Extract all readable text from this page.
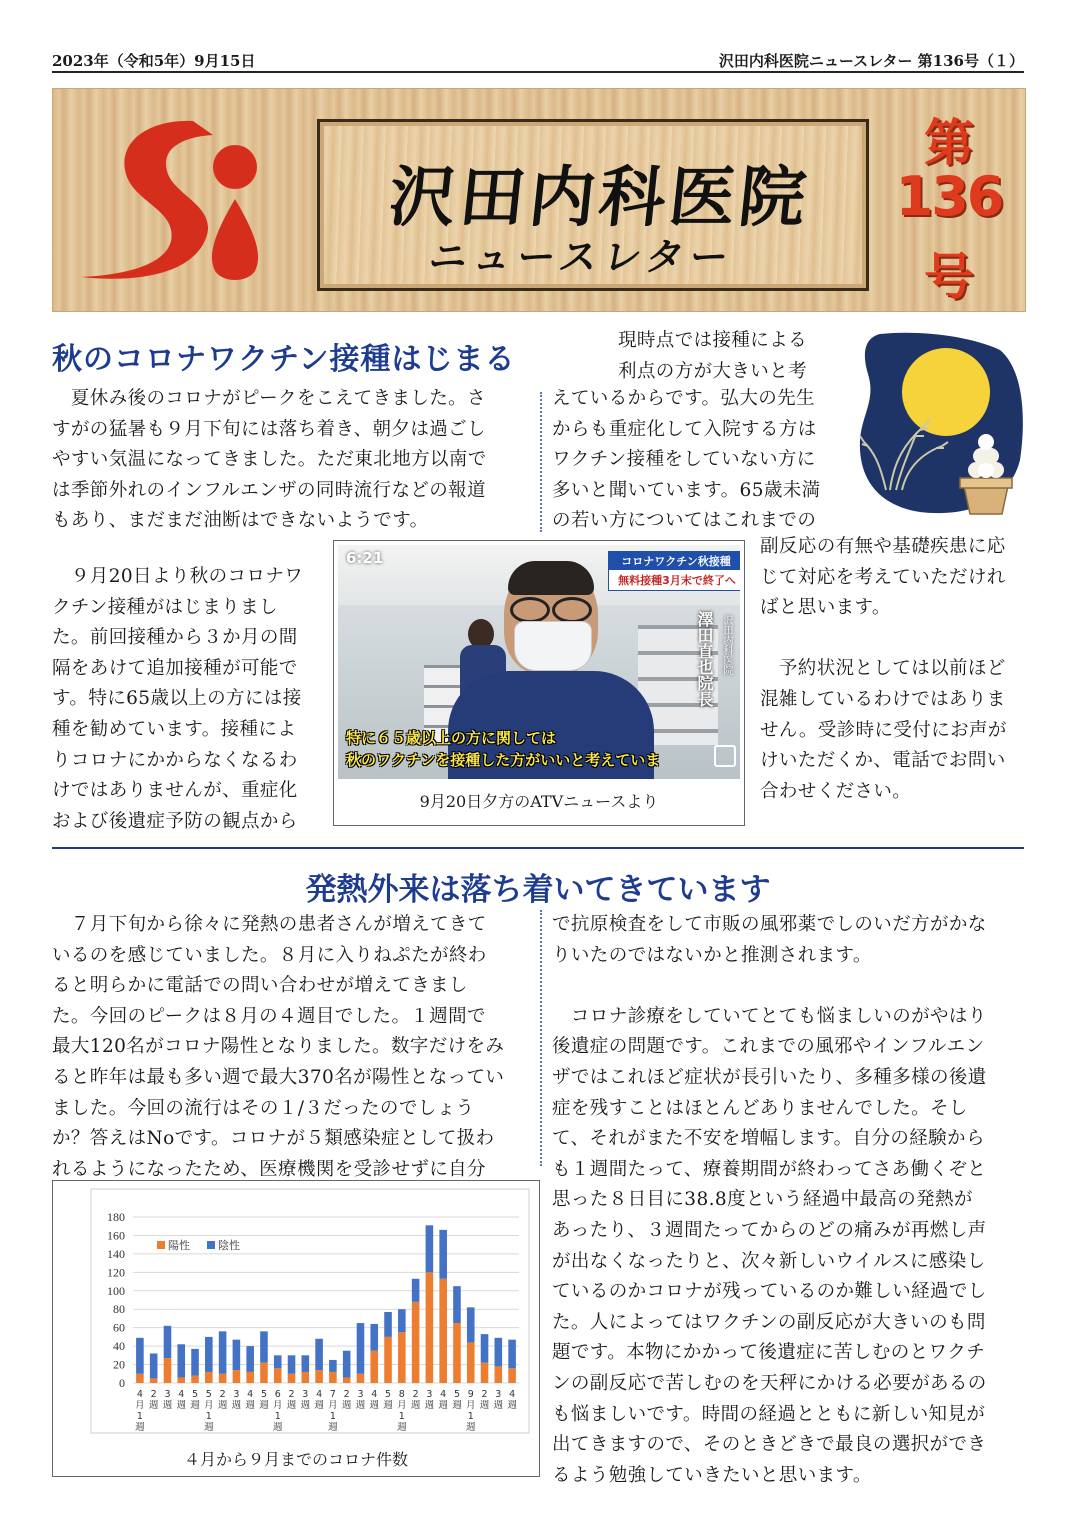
2023年（令和5年）9月15日	沢田内科医院ニュースレター 第136号（１）
沢田内科医院
ニュースレター
第
136
号
秋のコロナワクチン接種はじまる
　夏休み後のコロナがピークをこえてきました。さ
すがの猛暑も９月下旬には落ち着き、朝夕は過ごし
やすい気温になってきました。ただ東北地方以南で
は季節外れのインフルエンザの同時流行などの報道
もあり、まだまだ油断はできないようです。
　９月20日より秋のコロナワ
クチン接種がはじまりまし
た。前回接種から３か月の間
隔をあけて追加接種が可能で
す。特に65歳以上の方には接
種を勧めています。接種によ
りコロナにかからなくなるわ
けではありませんが、重症化
および後遺症予防の観点から
現時点では接種による
利点の方が大きいと考
えているからです。弘大の先生
からも重症化して入院する方は
ワクチン接種をしていない方に
多いと聞いています。65歳未満
の若い方についてはこれまでの
副反応の有無や基礎疾患に応
じて対応を考えていただけれ
ばと思います。
　予約状況としては以前ほど
混雑しているわけではありま
せん。受診時に受付にお声が
けいただくか、電話でお問い
合わせください。
6:21	コロナワクチン秋接種
無料接種3月末で終了へ
澤田直也院長 沢田内科医院
特に６５歳以上の方に関しては
秋のワクチンを接種した方がいいと考えていま
9月20日夕方のATVニュースより
発熱外来は落ち着いてきています
　７月下旬から徐々に発熱の患者さんが増えてきて
いるのを感じていました。８月に入りねぷたが終わ
ると明らかに電話での問い合わせが増えてきまし
た。今回のピークは８月の４週目でした。１週間で
最大120名がコロナ陽性となりました。数字だけをみ
ると昨年は最も多い週で最大370名が陽性となってい
ました。今回の流行はその１/３だったのでしょう
か？答えはNoです。コロナが５類感染症として扱わ
れるようになったため、医療機関を受診せずに自分
で抗原検査をして市販の風邪薬でしのいだ方がかな
りいたのではないかと推測されます。
　コロナ診療をしていてとても悩ましいのがやはり
後遺症の問題です。これまでの風邪やインフルエン
ザではこれほど症状が長引いたり、多種多様の後遺
症を残すことはほとんどありませんでした。そし
て、それがまた不安を増幅します。自分の経験から
も１週間たって、療養期間が終わってさあ働くぞと
思った８日目に38.8度という経過中最高の発熱が
あったり、３週間たってからのどの痛みが再燃し声
が出なくなったりと、次々新しいウイルスに感染し
ているのかコロナが残っているのか難しい経過でし
た。人によってはワクチンの副反応が大きいのも問
題です。本物にかかって後遺症に苦しむのとワクチ
ンの副反応で苦しむのを天秤にかける必要があるの
も悩ましいです。時間の経過とともに新しい知見が
出てきますので、そのときどきで最良の選択ができ
るよう勉強していきたいと思います。
0
20
40
60
80
100
120
140
160
180
4
月
1
週
2
週
3
週
4
週
5
週
5
月
1
週
2
週
3
週
4
週
5
週
6
月
1
週
2
週
3
週
4
週
7
月
1
週
2
週
3
週
4
週
5
週
8
月
1
週
2
週
3
週
4
週
5
週
9
月
1
週
2
週
3
週
4
週
陽性	陰性
４月から９月までのコロナ件数
